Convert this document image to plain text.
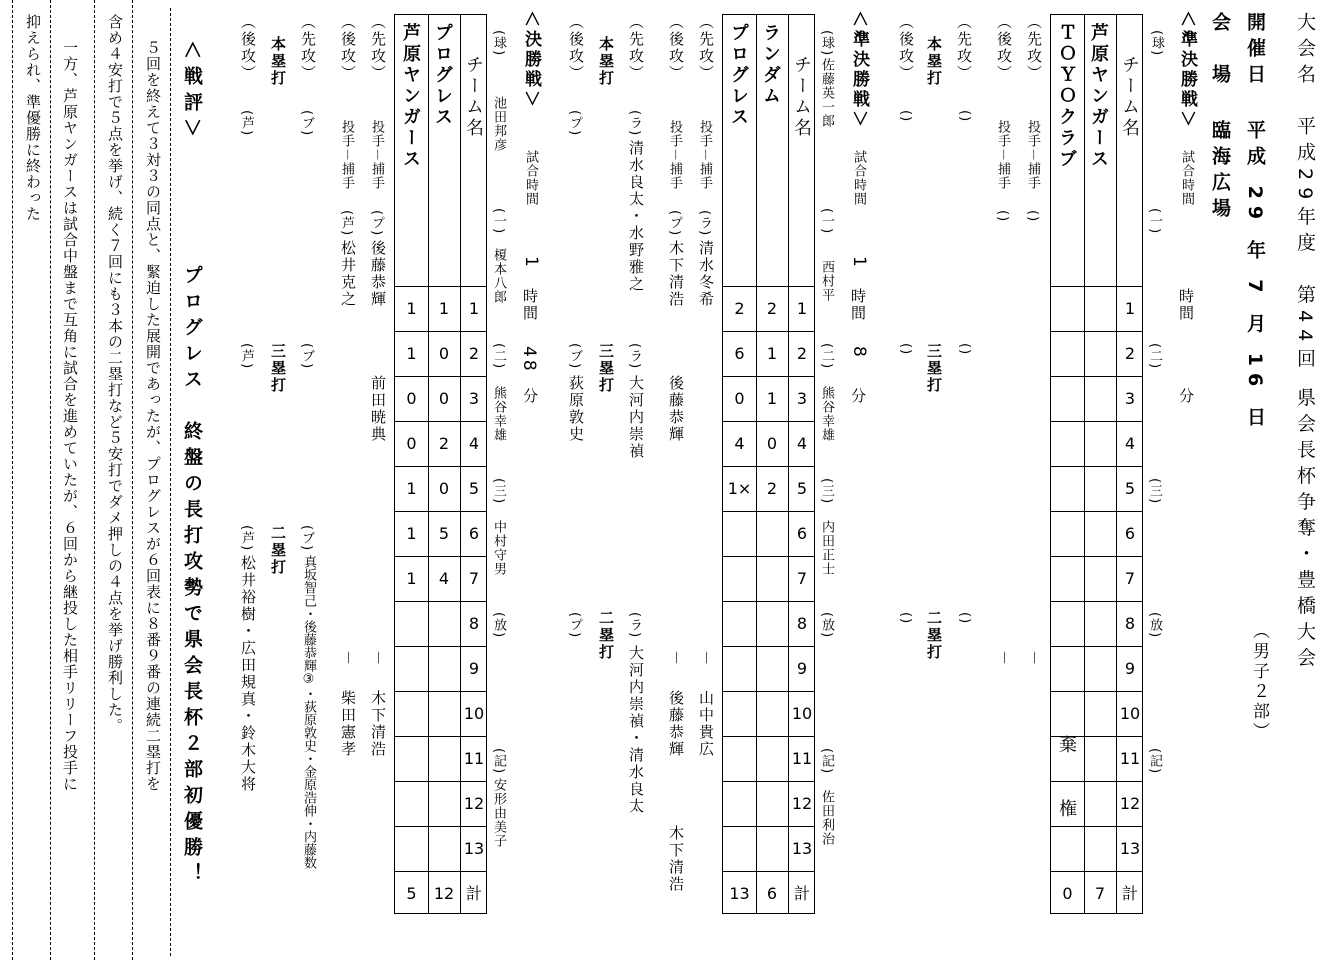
大会名　平成29年度　第44回 県会長杯争奪・豊橋大会
（男子２部）
開催日
平成 29 年 7 月 16 日
会　場
臨海広場
＜準決勝戦＞
(球)
試合時間
時間
分
(一)
(二)
(三)
(放)
(記)
チーム名
芦原ヤンガース
ＴＯＹＯクラブ
1
2
3
4
5
6
7
8
9
10
11
12
13
計
棄　権
7
0
（先攻）
投手－捕手
()
－
（後攻）
投手－捕手
()
－
（先攻）
()
()
()
本塁打
三塁打
二塁打
（後攻）
()
()
()
＜準決勝戦＞
試合時間
1
時間
8
分
(球)
佐藤英一郎
(一)
西村平
(二)
熊谷幸雄
(三)
内田正士
(放)
(記)
佐田利治
チーム名
ランダム
プログレス
1
2
3
4
5
6
7
8
9
10
11
12
13
計
2
1
1
0
2
2
6
0
4
1×
6
13
（先攻）
投手－捕手
(ラ)
清水冬希
－
山中貴広
（後攻）
投手－捕手
(プ)
木下清浩
後藤恭輝
－
後藤恭輝
木下清浩
（先攻）
(ラ)
清水良太・水野雅之
(ラ)
大河内崇禎
(ラ)
大河内崇禎・清水良太
本塁打
三塁打
二塁打
（後攻）
(プ)
(ブ)
荻原敦史
(プ)
＜決勝戦＞
試合時間
1
時間
48
分
(球)
池田邦彦
(一)
榎本八郎
(二)
熊谷幸雄
(三)
中村守男
(放)
(記)
安形由美子
チーム名
プログレス
芦原ヤンガース
1
2
3
4
5
6
7
8
9
10
11
12
13
計
1
0
0
2
0
5
4
1
1
0
0
1
1
1
12
5
（先攻）
投手－捕手
(プ)
後藤恭輝
前田暁典
－
木下清浩
（後攻）
投手－捕手
(芦)
松井克之
－
柴田憲孝
（先攻）
(ブ)
(ブ)
(ブ)
真坂智己・後藤恭輝③・荻原敦史・金原浩伸・内藤数
本塁打
三塁打
二塁打
（後攻）
(芦)
(芦)
(芦)
松井裕樹・広田規真・鈴木大将
＜戦評＞
プログレス　終盤の長打攻勢で県会長杯２部初優勝！
５回を終えて３対３の同点と、緊迫した展開であったが、プログレスが６回表に８番９番の連続二塁打を
含め４安打で５点を挙げ、続く７回にも３本の二塁打など５安打でダメ押しの４点を挙げ勝利した。
一方、芦原ヤンガースは試合中盤まで互角に試合を進めていたが、６回から継投した相手リリーフ投手に
抑えられ、準優勝に終わった
